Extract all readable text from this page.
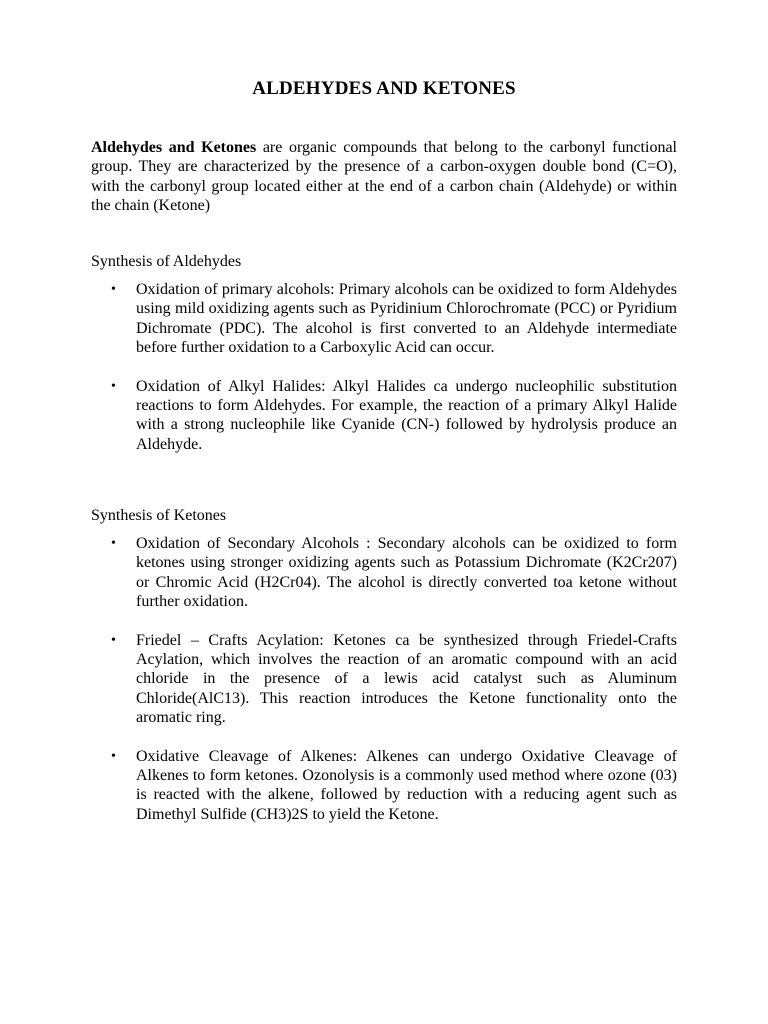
ALDEHYDES AND KETONES

Aldehydes and Ketones are organic compounds that belong to the carbonyl functional group. They are characterized by the presence of a carbon-oxygen double bond (C=O), with the carbonyl group located either at the end of a carbon chain (Aldehyde) or within the chain (Ketone)

Synthesis of Aldehydes
• Oxidation of primary alcohols: Primary alcohols can be oxidized to form Aldehydes using mild oxidizing agents such as Pyridinium Chlorochromate (PCC) or Pyridium Dichromate (PDC). The alcohol is first converted to an Aldehyde intermediate before further oxidation to a Carboxylic Acid can occur.
• Oxidation of Alkyl Halides: Alkyl Halides ca undergo nucleophilic substitution reactions to form Aldehydes. For example, the reaction of a primary Alkyl Halide with a strong nucleophile like Cyanide (CN-) followed by hydrolysis produce an Aldehyde.
Synthesis of Ketones
• Oxidation of Secondary Alcohols : Secondary alcohols can be oxidized to form ketones using stronger oxidizing agents such as Potassium Dichromate (K2Cr207) or Chromic Acid (H2Cr04). The alcohol is directly converted toa ketone without further oxidation.
• Friedel – Crafts Acylation: Ketones ca be synthesized through Friedel-Crafts Acylation, which involves the reaction of an aromatic compound with an acid chloride in the presence of a lewis acid catalyst such as Aluminum Chloride(AlC13). This reaction introduces the Ketone functionality onto the aromatic ring.
• Oxidative Cleavage of Alkenes: Alkenes can undergo Oxidative Cleavage of Alkenes to form ketones. Ozonolysis is a commonly used method where ozone (03) is reacted with the alkene, followed by reduction with a reducing agent such as Dimethyl Sulfide (CH3)2S to yield the Ketone.
